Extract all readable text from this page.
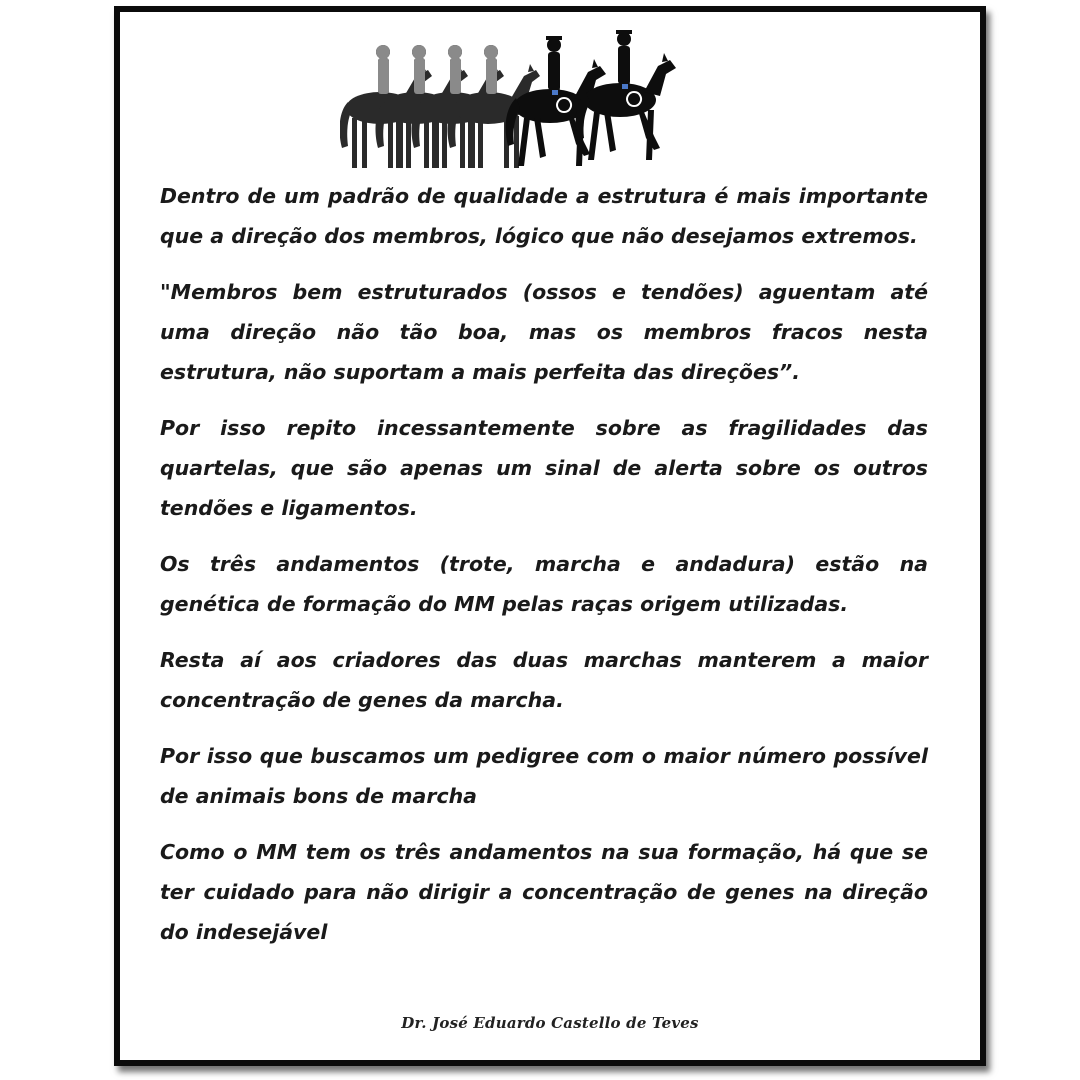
Dentro de um padrão de qualidade a estrutura é mais importante que a direção dos membros, lógico que não desejamos extremos.

"Membros bem estruturados (ossos e tendões) aguentam até uma direção não tão boa, mas os membros fracos nesta estrutura, não suportam a mais perfeita das direções”.

Por isso repito incessantemente sobre as fragilidades das quartelas, que são apenas um sinal de alerta sobre os outros tendões e ligamentos.

Os três andamentos (trote, marcha e andadura) estão na genética de formação do MM pelas raças origem utilizadas.

Resta aí aos criadores das duas marchas manterem a maior concentração de genes da marcha.

Por isso que buscamos um pedigree com o maior número possível de animais bons de marcha

Como o MM tem os três andamentos na sua formação, há que se ter cuidado para não dirigir a concentração de genes na direção do indesejável

Dr. José Eduardo Castello de Teves
